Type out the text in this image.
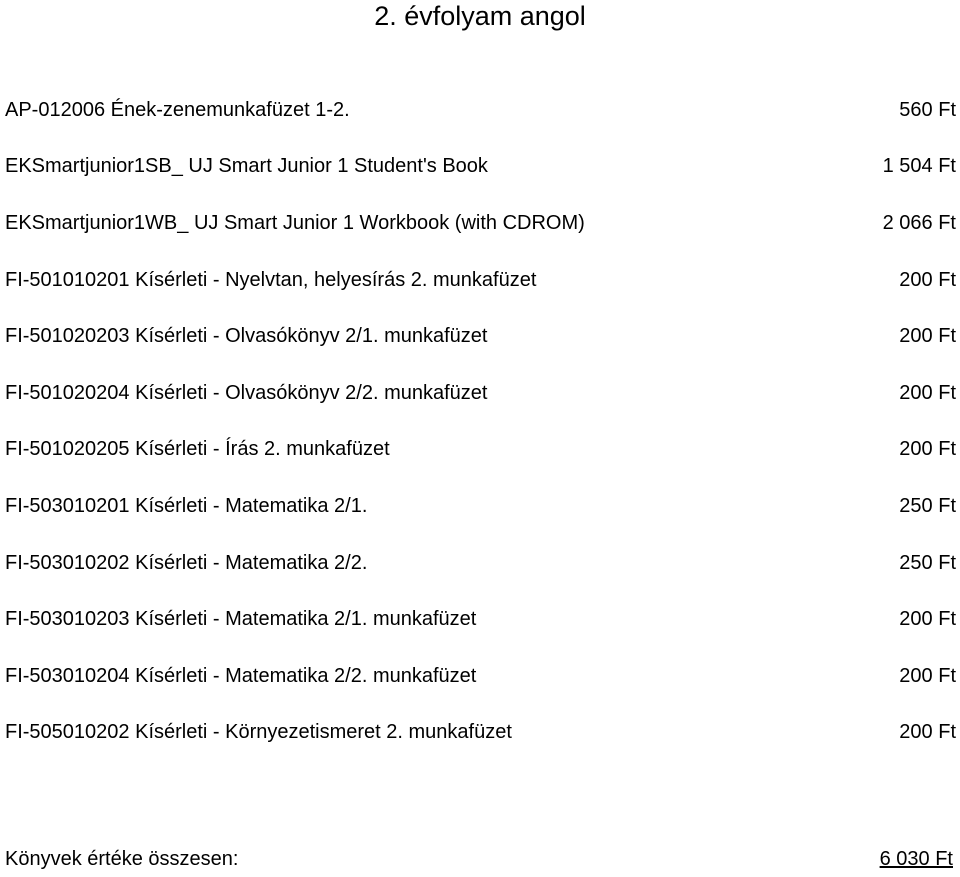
2. évfolyam angol
AP-012006 Ének-zenemunkafüzet 1-2.	560 Ft
EKSmartjunior1SB_ UJ Smart Junior 1 Student's Book	1 504 Ft
EKSmartjunior1WB_ UJ Smart Junior 1 Workbook (with CDROM)	2 066 Ft
FI-501010201 Kísérleti - Nyelvtan, helyesírás 2. munkafüzet	200 Ft
FI-501020203 Kísérleti - Olvasókönyv 2/1. munkafüzet	200 Ft
FI-501020204 Kísérleti - Olvasókönyv 2/2. munkafüzet	200 Ft
FI-501020205 Kísérleti - Írás 2. munkafüzet	200 Ft
FI-503010201 Kísérleti - Matematika 2/1.	250 Ft
FI-503010202 Kísérleti - Matematika 2/2.	250 Ft
FI-503010203 Kísérleti - Matematika 2/1. munkafüzet	200 Ft
FI-503010204 Kísérleti - Matematika 2/2. munkafüzet	200 Ft
FI-505010202 Kísérleti - Környezetismeret 2. munkafüzet	200 Ft
Könyvek értéke összesen:	6 030 Ft
